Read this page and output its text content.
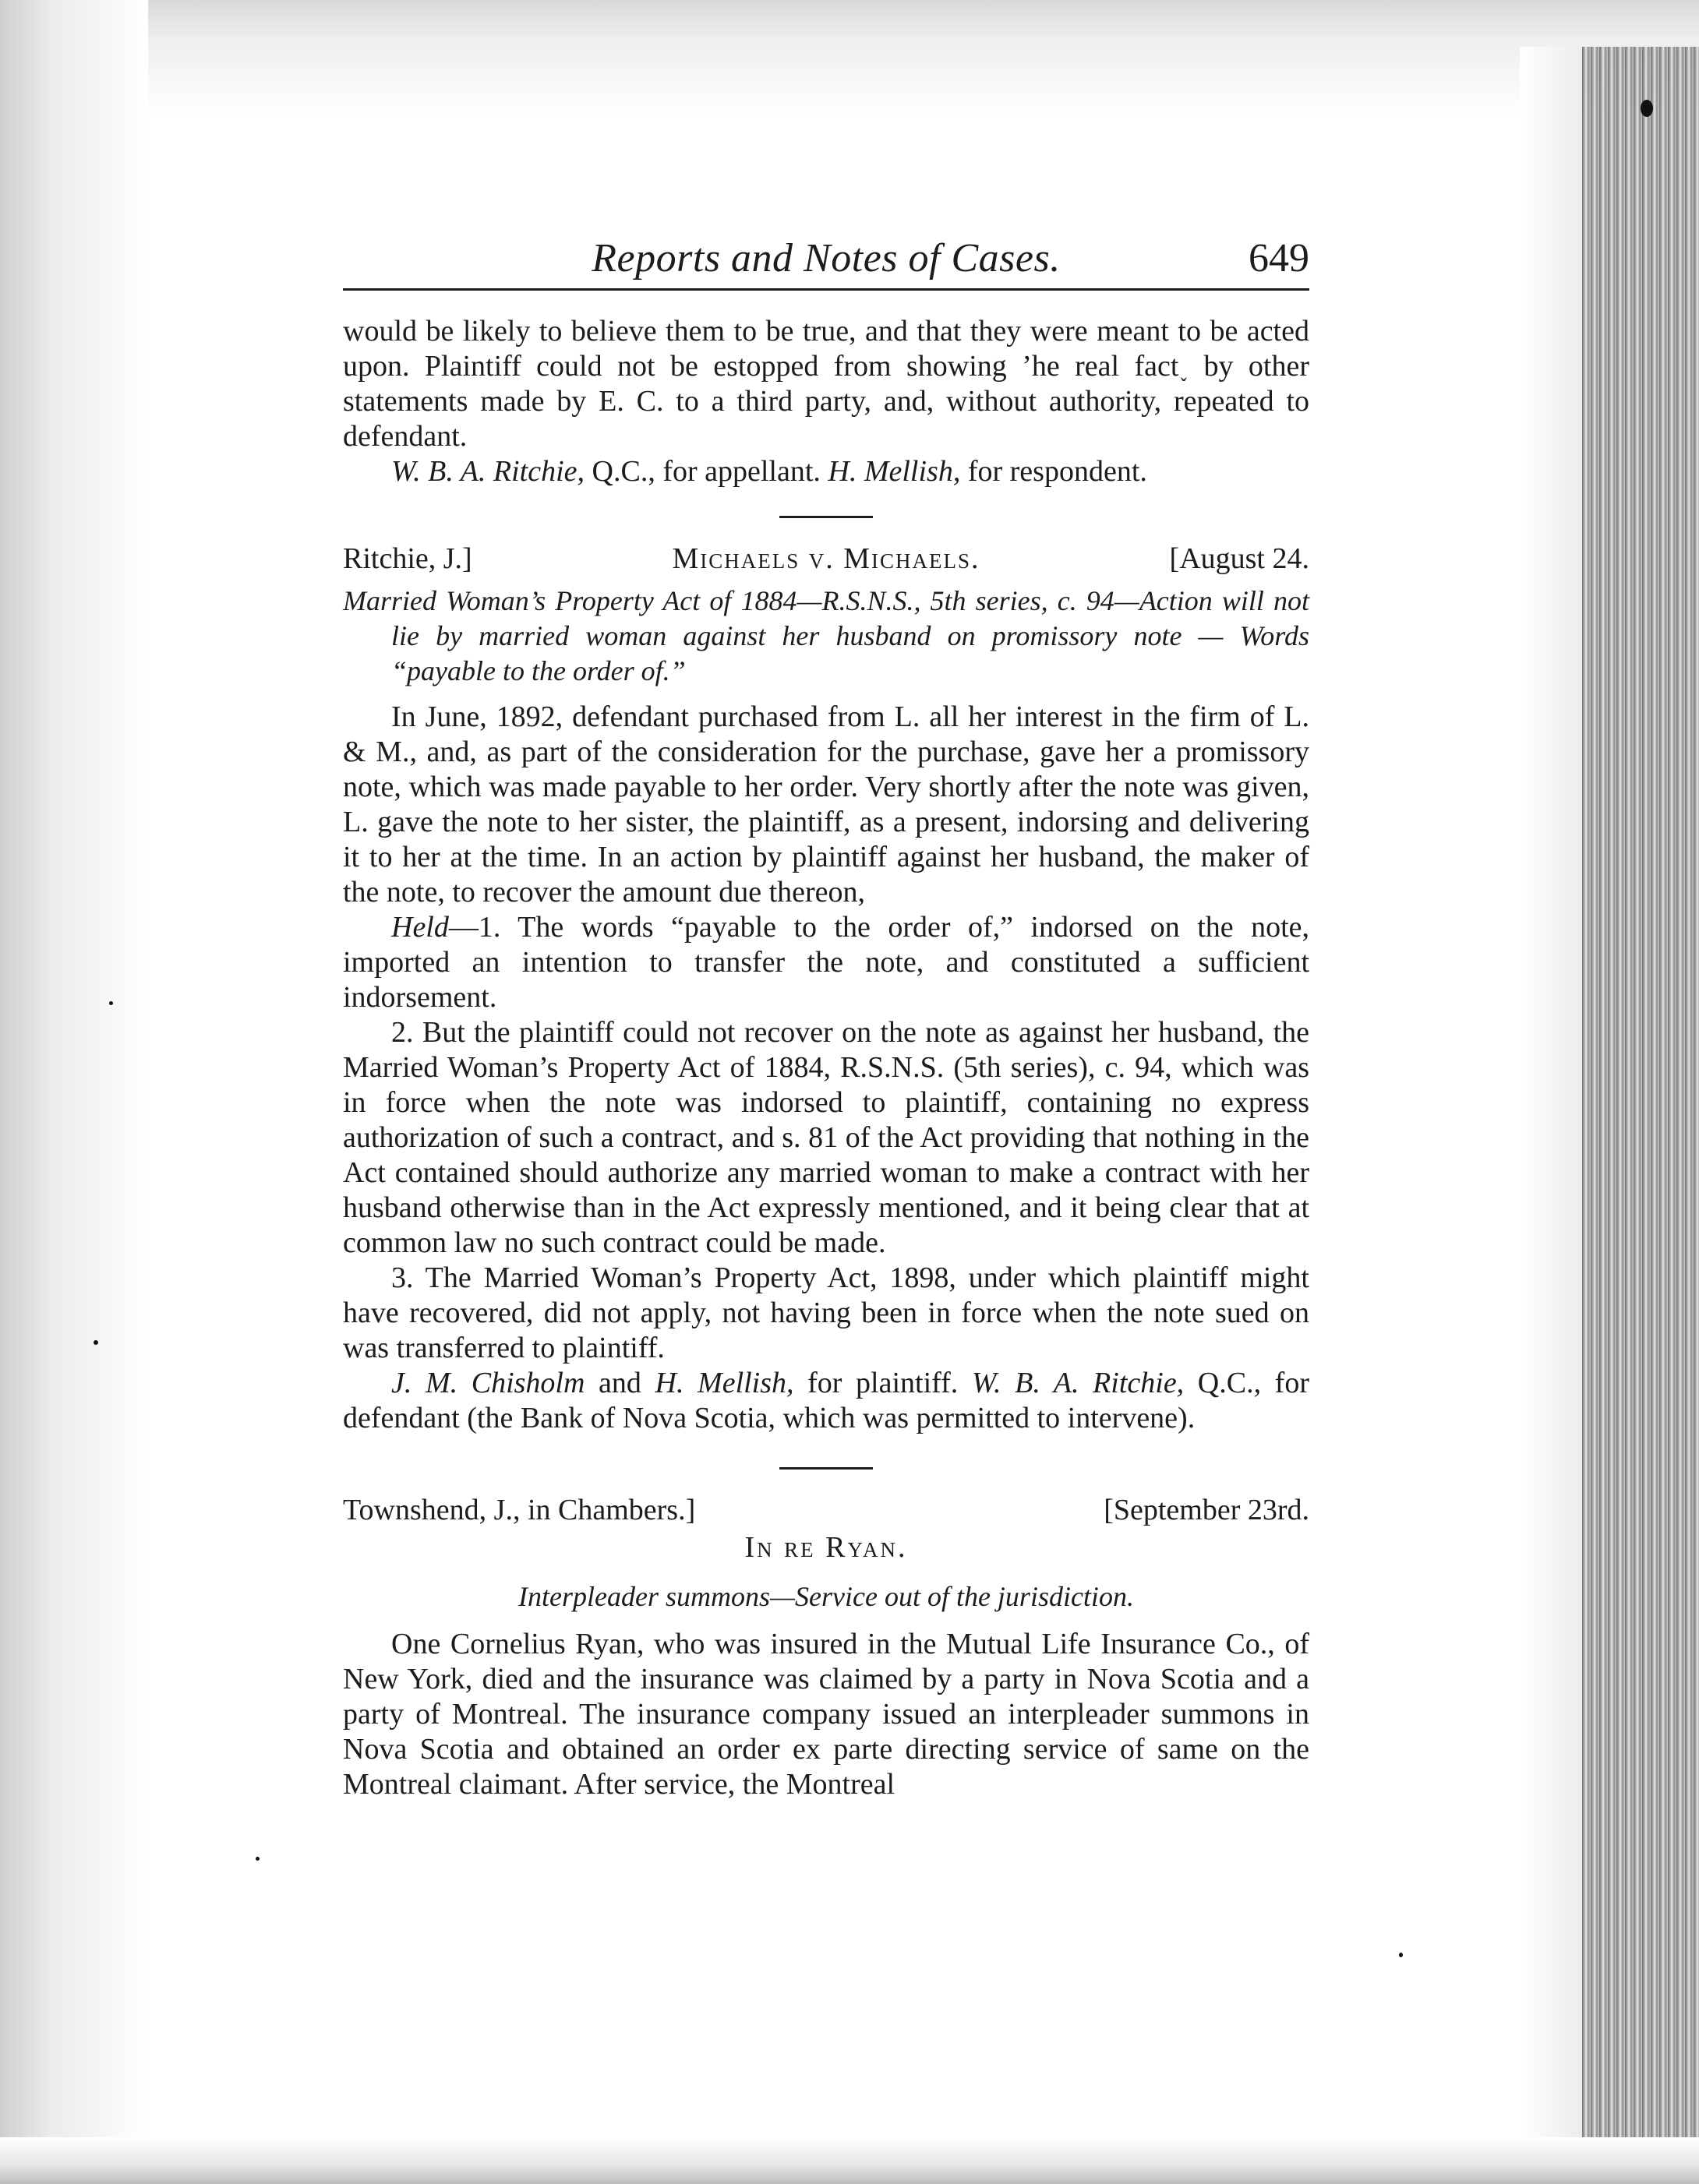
Reports and Notes of Cases.	649

would be likely to believe them to be true, and that they were meant to be acted upon. Plaintiff could not be estopped from showing ’he real fact˯ by other statements made by E. C. to a third party, and, without authority, repeated to defendant.

W. B. A. Ritchie, Q.C., for appellant. H. Mellish, for respondent.

Ritchie, J.]	Michaels v. Michaels.	[August 24.

Married Woman’s Property Act of 1884—R.S.N.S., 5th series, c. 94—Action will not lie by married woman against her husband on promissory note — Words “payable to the order of.”

In June, 1892, defendant purchased from L. all her interest in the firm of L. & M., and, as part of the consideration for the purchase, gave her a promissory note, which was made payable to her order. Very shortly after the note was given, L. gave the note to her sister, the plaintiff, as a present, indorsing and delivering it to her at the time. In an action by plaintiff against her husband, the maker of the note, to recover the amount due thereon,

Held—1. The words “payable to the order of,” indorsed on the note, imported an intention to transfer the note, and constituted a sufficient indorsement.

2. But the plaintiff could not recover on the note as against her husband, the Married Woman’s Property Act of 1884, R.S.N.S. (5th series), c. 94, which was in force when the note was indorsed to plaintiff, containing no express authorization of such a contract, and s. 81 of the Act providing that nothing in the Act contained should authorize any married woman to make a contract with her husband otherwise than in the Act expressly mentioned, and it being clear that at common law no such contract could be made.

3. The Married Woman’s Property Act, 1898, under which plaintiff might have recovered, did not apply, not having been in force when the note sued on was transferred to plaintiff.

J. M. Chisholm and H. Mellish, for plaintiff. W. B. A. Ritchie, Q.C., for defendant (the Bank of Nova Scotia, which was permitted to intervene).

Townshend, J., in Chambers.]	[September 23rd.
In re Ryan.
Interpleader summons—Service out of the jurisdiction.

One Cornelius Ryan, who was insured in the Mutual Life Insurance Co., of New York, died and the insurance was claimed by a party in Nova Scotia and a party of Montreal. The insurance company issued an interpleader summons in Nova Scotia and obtained an order ex parte directing service of same on the Montreal claimant. After service, the Montreal
